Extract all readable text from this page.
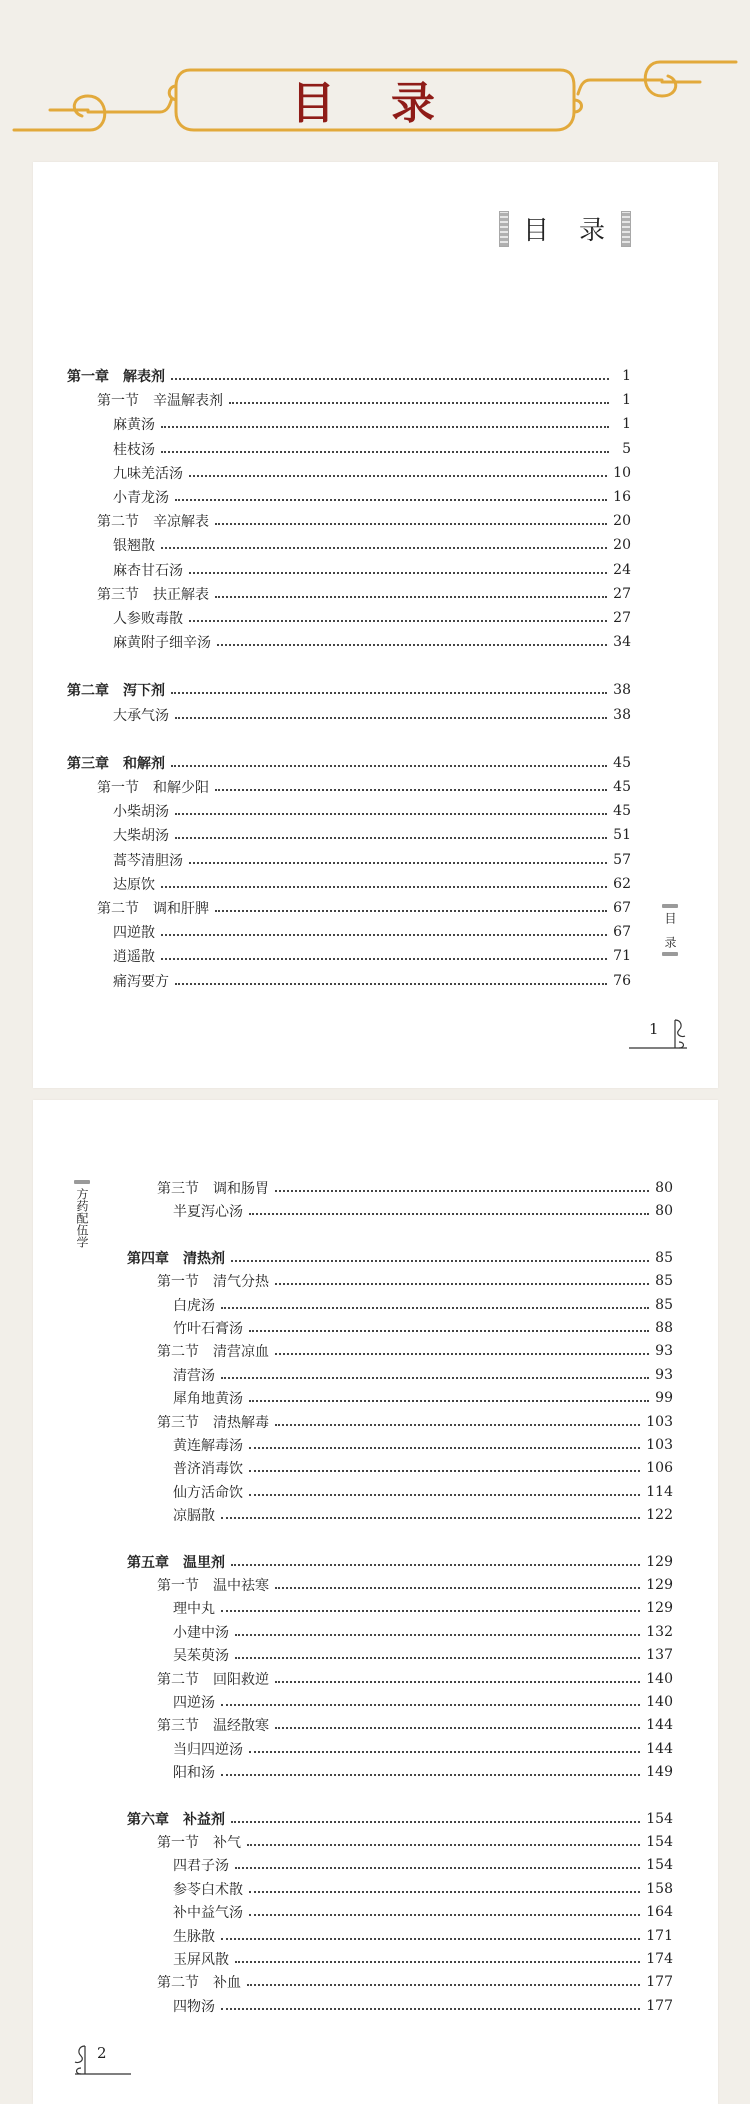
目　录
目　录
第一章　解表剂	1
第一节　辛温解表剂	1
麻黄汤	1
桂枝汤	5
九味羌活汤	10
小青龙汤	16
第二节　辛凉解表	20
银翘散	20
麻杏甘石汤	24
第三节　扶正解表	27
人参败毒散	27
麻黄附子细辛汤	34
第二章　泻下剂	38
大承气汤	38
第三章　和解剂	45
第一节　和解少阳	45
小柴胡汤	45
大柴胡汤	51
蒿芩清胆汤	57
达原饮	62
第二节　调和肝脾	67
四逆散	67
逍遥散	71
痛泻要方	76
目　录
1
方药配伍学	第三节　调和肠胃	80
半夏泻心汤	80
第四章　清热剂	85
第一节　清气分热	85
白虎汤	85
竹叶石膏汤	88
第二节　清营凉血	93
清营汤	93
犀角地黄汤	99
第三节　清热解毒	103
黄连解毒汤	103
普济消毒饮	106
仙方活命饮	114
凉膈散	122
第五章　温里剂	129
第一节　温中祛寒	129
理中丸	129
小建中汤	132
吴茱萸汤	137
第二节　回阳救逆	140
四逆汤	140
第三节　温经散寒	144
当归四逆汤	144
阳和汤	149
第六章　补益剂	154
第一节　补气	154
四君子汤	154
参苓白术散	158
补中益气汤	164
生脉散	171
玉屏风散	174
第二节　补血	177
四物汤	177
2
